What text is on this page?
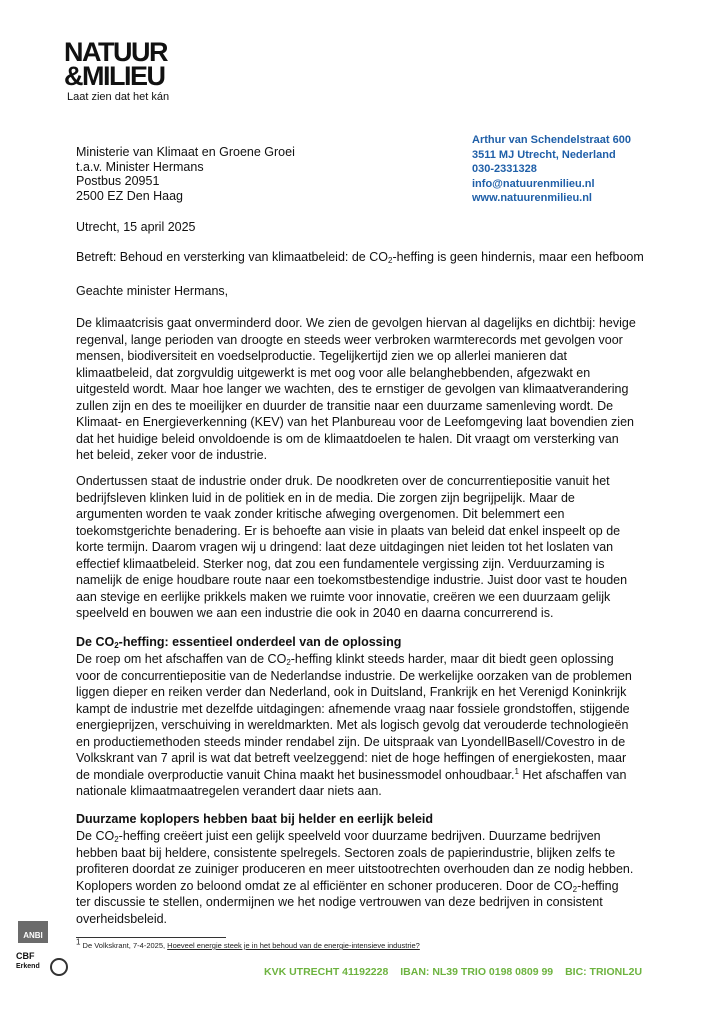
NATUUR
&MILIEU
Laat zien dat het kán
Ministerie van Klimaat en Groene Groei
t.a.v. Minister Hermans
Postbus 20951
2500 EZ Den Haag
Arthur van Schendelstraat 600
3511 MJ Utrecht, Nederland
030-2331328
info@natuurenmilieu.nl
www.natuurenmilieu.nl

Utrecht, 15 april 2025

Betreft: Behoud en versterking van klimaatbeleid: de $CO_2$-heffing is geen hindernis, maar een hefboom

Geachte minister Hermans,

De klimaatcrisis gaat onverminderd door. We zien de gevolgen hiervan al dagelijks en dichtbij: hevige regenval, lange perioden van droogte en steeds weer verbroken warmterecords met gevolgen voor mensen, biodiversiteit en voedselproductie. Tegelijkertijd zien we op allerlei manieren dat klimaatbeleid, dat zorgvuldig uitgewerkt is met oog voor alle belanghebbenden, afgezwakt en uitgesteld wordt. Maar hoe langer we wachten, des te ernstiger de gevolgen van klimaatverandering zullen zijn en des te moeilijker en duurder de transitie naar een duurzame samenleving wordt. De Klimaat- en Energieverkenning (KEV) van het Planbureau voor de Leefomgeving laat bovendien zien dat het huidige beleid onvoldoende is om de klimaatdoelen te halen. Dit vraagt om versterking van het beleid, zeker voor de industrie.

Ondertussen staat de industrie onder druk. De noodkreten over de concurrentiepositie vanuit het bedrijfsleven klinken luid in de politiek en in de media. Die zorgen zijn begrijpelijk. Maar de argumenten worden te vaak zonder kritische afweging overgenomen. Dit belemmert een toekomstgerichte benadering. Er is behoefte aan visie in plaats van beleid dat enkel inspeelt op de korte termijn. Daarom vragen wij u dringend: laat deze uitdagingen niet leiden tot het loslaten van effectief klimaatbeleid. Sterker nog, dat zou een fundamentele vergissing zijn. Verduurzaming is namelijk de enige houdbare route naar een toekomstbestendige industrie. Juist door vast te houden aan stevige en eerlijke prikkels maken we ruimte voor innovatie, creëren we een duurzaam gelijk speelveld en bouwen we aan een industrie die ook in 2040 en daarna concurrerend is.

De $CO_2$-heffing: essentieel onderdeel van de oplossing

De roep om het afschaffen van de $CO_2$-heffing klinkt steeds harder, maar dit biedt geen oplossing voor de concurrentiepositie van de Nederlandse industrie. De werkelijke oorzaken van de problemen liggen dieper en reiken verder dan Nederland, ook in Duitsland, Frankrijk en het Verenigd Koninkrijk kampt de industrie met dezelfde uitdagingen: afnemende vraag naar fossiele grondstoffen, stijgende energieprijzen, verschuiving in wereldmarkten. Met als logisch gevolg dat verouderde technologieën en productiemethoden steeds minder rendabel zijn. De uitspraak van LyondellBasell/Covestro in de Volkskrant van 7 april is wat dat betreft veelzeggend: niet de hoge heffingen of energiekosten, maar de mondiale overproductie vanuit China maakt het businessmodel onhoudbaar.$^1$ Het afschaffen van nationale klimaatmaatregelen verandert daar niets aan.

Duurzame koplopers hebben baat bij helder en eerlijk beleid

De $CO_2$-heffing creëert juist een gelijk speelveld voor duurzame bedrijven. Duurzame bedrijven hebben baat bij heldere, consistente spelregels. Sectoren zoals de papierindustrie, blijken zelfs te profiteren doordat ze zuiniger produceren en meer uitstootrechten overhouden dan ze nodig hebben. Koplopers worden zo beloond omdat ze al efficiënter en schoner produceren. Door de $CO_2$-heffing ter discussie te stellen, ondermijnen we het nodige vertrouwen van deze bedrijven in consistent overheidsbeleid.

$^1$ De Volkskrant, 7-4-2025, Hoeveel energie steek je in het behoud van de energie-intensieve industrie?
ANBI
CBF
Erkend	KVK UTRECHT 41192228 IBAN: NL39 TRIO 0198 0809 99 BIC: TRIONL2U
